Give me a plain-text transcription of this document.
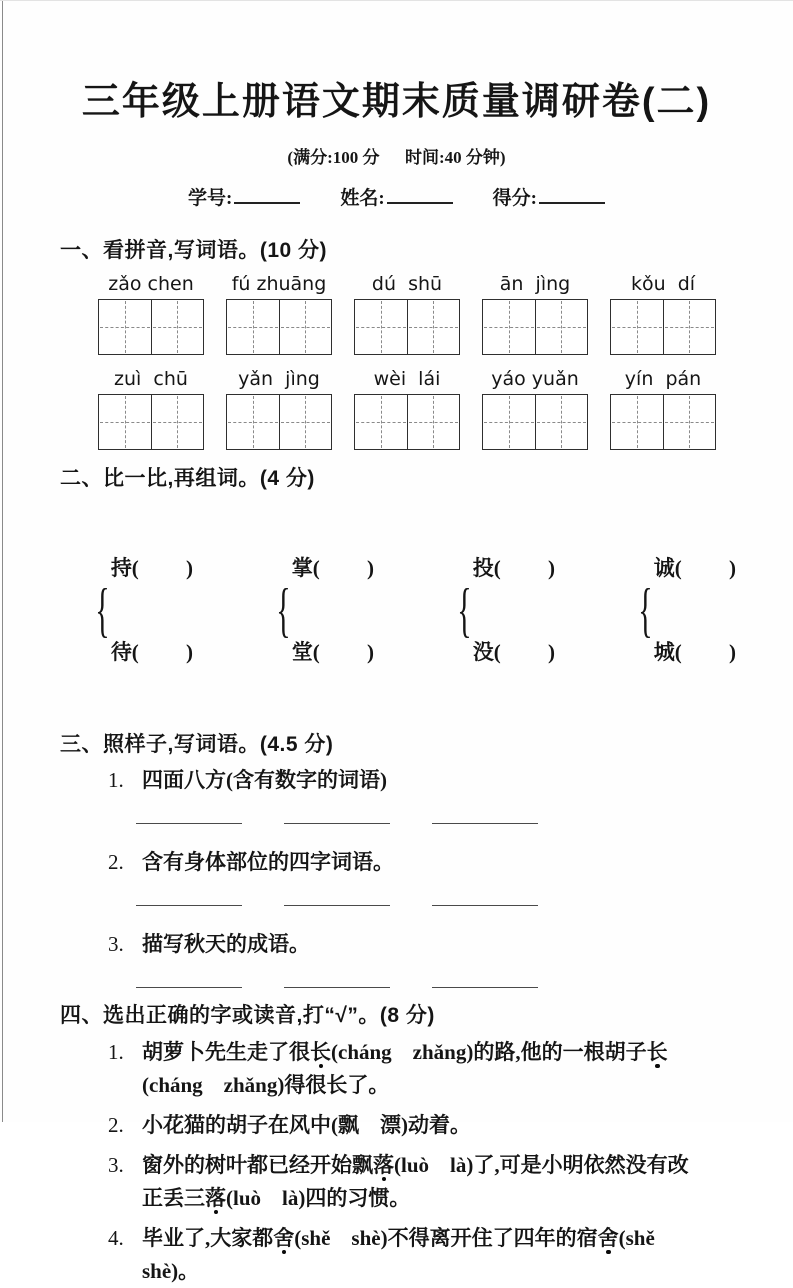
三年级上册语文期末质量调研卷(二)
(满分:100 分      时间:40 分钟)
学号:	姓名:	得分:
一、看拼音,写词语。(10 分)
zǎo chen	fú zhuāng	dú  shū	ān  jìng	kǒu  dí
zuì  chū	yǎn  jìng	wèi  lái	yáo yuǎn	yín  pán
二、比一比,再组词。(4 分)
{

持(         )

待(         )

{

掌(         )

堂(         )

{

投(         )

没(         )

{

诚(         )

城(         )

三、照样子,写词语。(4.5 分)
1. 四面八方(含有数字的词语)
2. 含有身体部位的四字词语。
3. 描写秋天的成语。
四、选出正确的字或读音,打“√”。(8 分)
1. 胡萝卜先生走了很长(cháng    zhǎng)的路,他的一根胡子长
(cháng    zhǎng)得很长了。
2. 小花猫的胡子在风中(飘    漂)动着。
3. 窗外的树叶都已经开始飘落(luò    là)了,可是小明依然没有改
正丢三落(luò    là)四的习惯。
4. 毕业了,大家都舍(shě    shè)不得离开住了四年的宿舍(shě
shè)。
